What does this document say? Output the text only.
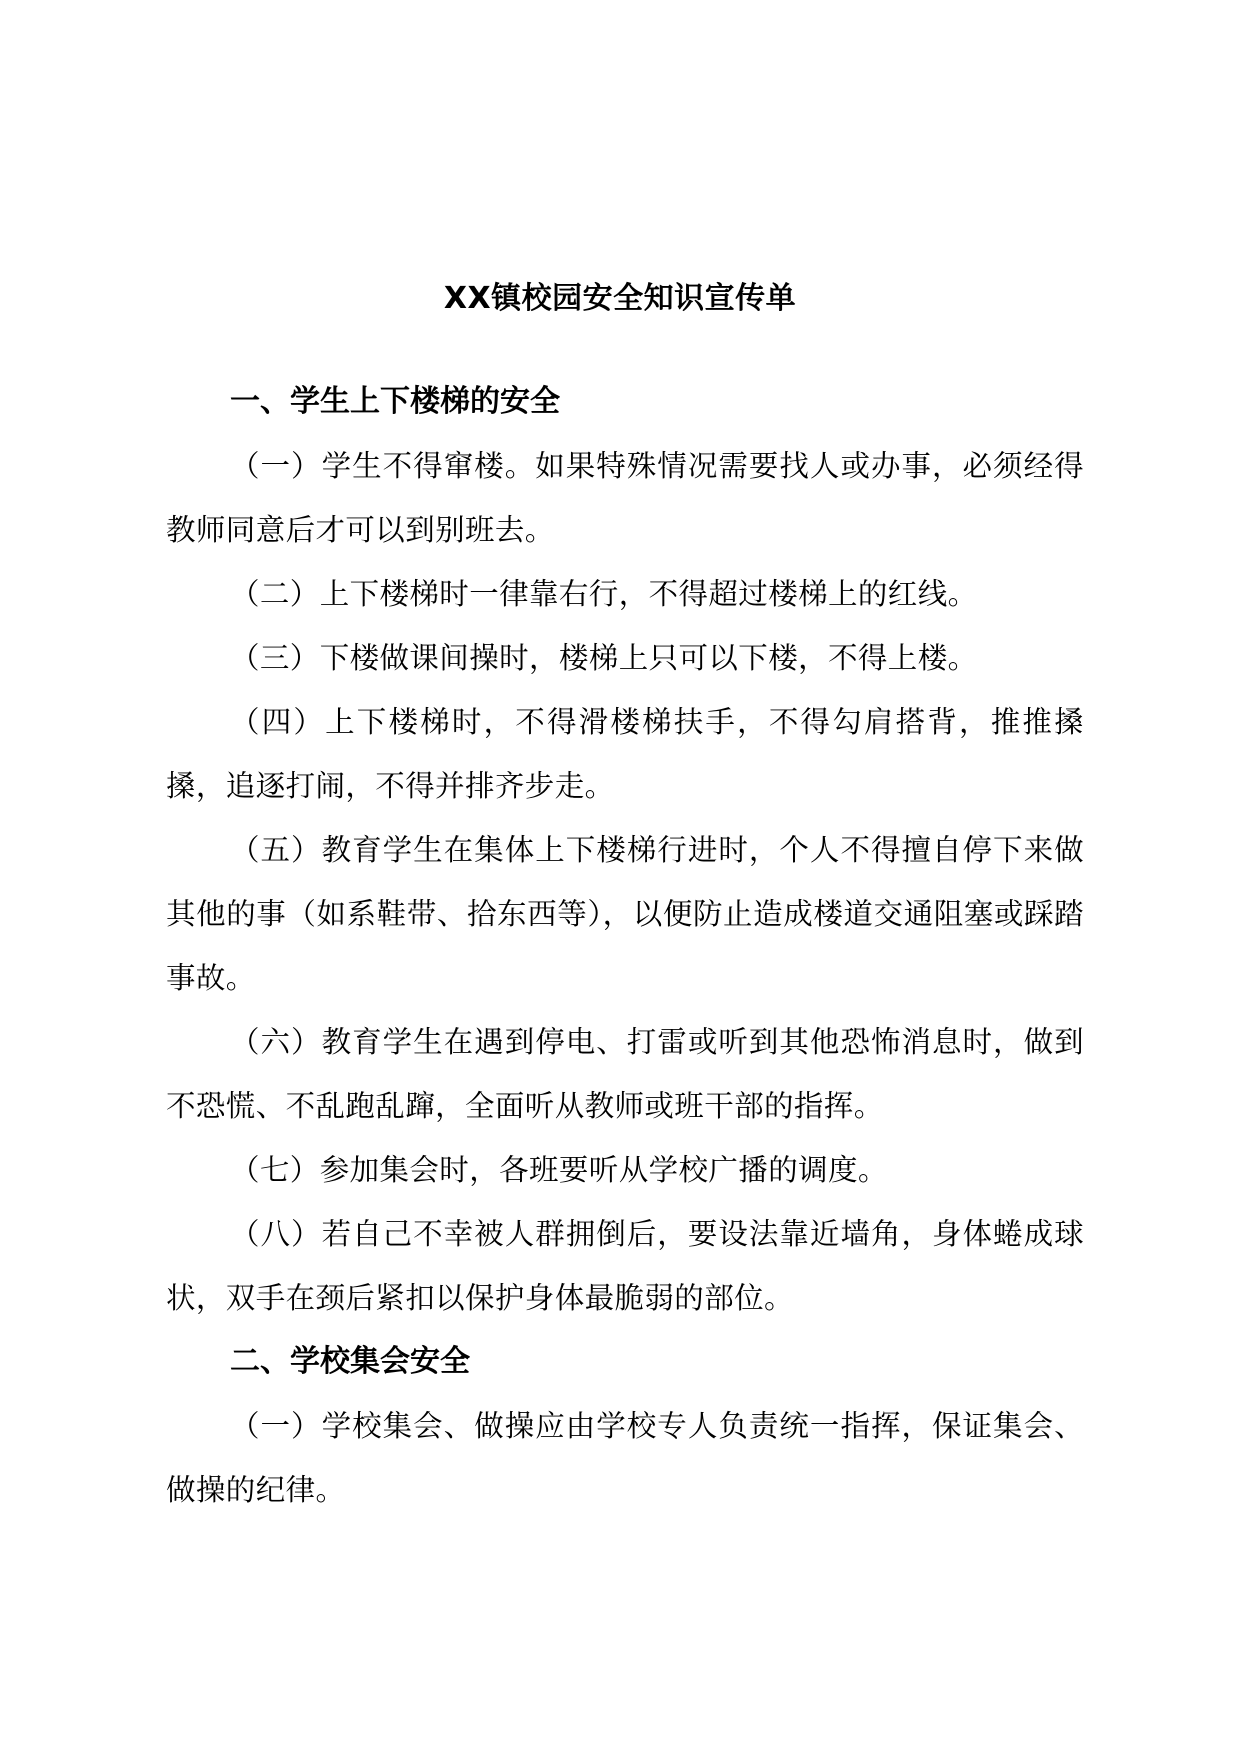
XX镇校园安全知识宣传单
一、学生上下楼梯的安全

（一）学生不得窜楼。如果特殊情况需要找人或办事，必须经得教师同意后才可以到别班去。

（二）上下楼梯时一律靠右行，不得超过楼梯上的红线。

（三）下楼做课间操时，楼梯上只可以下楼，不得上楼。

（四）上下楼梯时，不得滑楼梯扶手，不得勾肩搭背，推推搡搡，追逐打闹，不得并排齐步走。

（五）教育学生在集体上下楼梯行进时，个人不得擅自停下来做其他的事（如系鞋带、拾东西等），以便防止造成楼道交通阻塞或踩踏事故。

（六）教育学生在遇到停电、打雷或听到其他恐怖消息时，做到不恐慌、不乱跑乱蹿，全面听从教师或班干部的指挥。

（七）参加集会时，各班要听从学校广播的调度。

（八）若自己不幸被人群拥倒后，要设法靠近墙角，身体蜷成球状，双手在颈后紧扣以保护身体最脆弱的部位。

二、学校集会安全

（一）学校集会、做操应由学校专人负责统一指挥，保证集会、做操的纪律。
